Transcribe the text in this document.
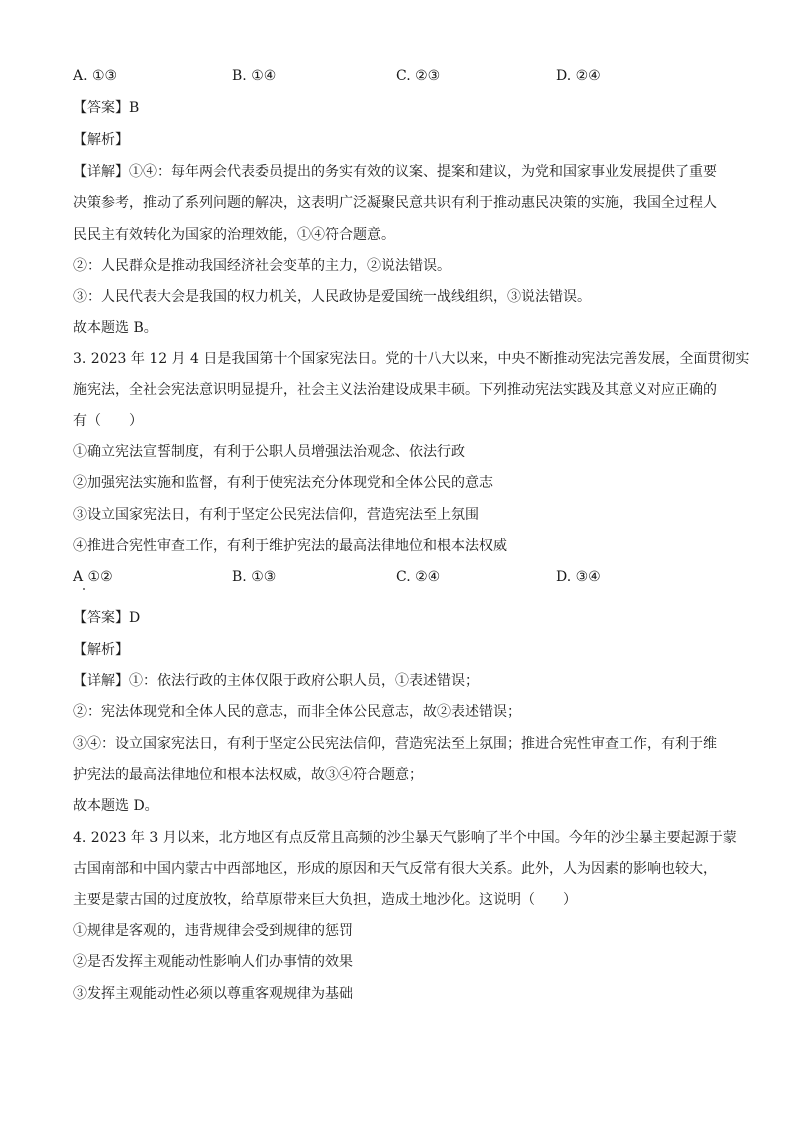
A. ①③	B. ①④	C. ②③	D. ②④
【答案】B
【解析】
【详解】①④：每年两会代表委员提出的务实有效的议案、提案和建议，为党和国家事业发展提供了重要
决策参考，推动了系列问题的解决，这表明广泛凝聚民意共识有利于推动惠民决策的实施，我国全过程人
民民主有效转化为国家的治理效能，①④符合题意。
②：人民群众是推动我国经济社会变革的主力，②说法错误。
③：人民代表大会是我国的权力机关，人民政协是爱国统一战线组织，③说法错误。
故本题选 B。
3. 2023 年 12 月 4 日是我国第十个国家宪法日。党的十八大以来，中央不断推动宪法完善发展，全面贯彻实
施宪法，全社会宪法意识明显提升，社会主义法治建设成果丰硕。下列推动宪法实践及其意义对应正确的
有（　　）
①确立宪法宣誓制度，有利于公职人员增强法治观念、依法行政
②加强宪法实施和监督，有利于使宪法充分体现党和全体公民的意志
③设立国家宪法日，有利于坚定公民宪法信仰，营造宪法至上氛围
④推进合宪性审查工作，有利于维护宪法的最高法律地位和根本法权威
A ①②	B. ①③	C. ②④	D. ③④
【答案】D
【解析】
【详解】①：依法行政的主体仅限于政府公职人员，①表述错误；
②：宪法体现党和全体人民的意志，而非全体公民意志，故②表述错误；
③④：设立国家宪法日，有利于坚定公民宪法信仰，营造宪法至上氛围；推进合宪性审查工作，有利于维
护宪法的最高法律地位和根本法权威，故③④符合题意；
故本题选 D。
4. 2023 年 3 月以来，北方地区有点反常且高频的沙尘暴天气影响了半个中国。今年的沙尘暴主要起源于蒙
古国南部和中国内蒙古中西部地区，形成的原因和天气反常有很大关系。此外，人为因素的影响也较大，
主要是蒙古国的过度放牧，给草原带来巨大负担，造成土地沙化。这说明（　　）
①规律是客观的，违背规律会受到规律的惩罚
②是否发挥主观能动性影响人们办事情的效果
③发挥主观能动性必须以尊重客观规律为基础
